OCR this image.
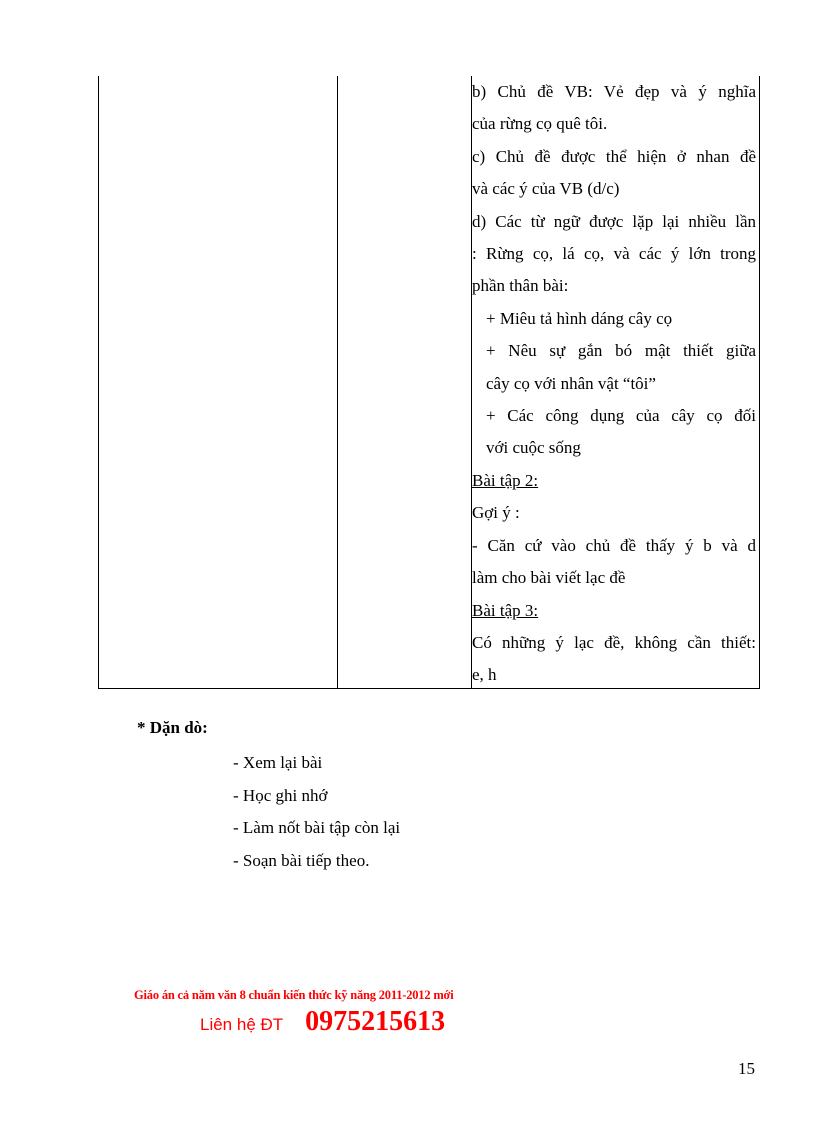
b) Chủ đề VB: Vẻ đẹp và ý nghĩa
của rừng cọ quê tôi.
c) Chủ đề được thể hiện ở nhan đề
và các ý của VB (d/c)
d) Các từ ngữ được lặp lại nhiều lần
: Rừng cọ, lá cọ, và các ý lớn trong
phần thân bài:
+ Miêu tả hình dáng cây cọ
+ Nêu sự gắn bó mật thiết giữa
cây cọ với nhân vật “tôi”
+ Các công dụng của cây cọ đối
với cuộc sống
Bài tập 2:
Gợi ý :
- Căn cứ vào chủ đề thấy ý b và d
làm cho bài viết lạc đề
Bài tập 3:
Có những ý lạc đề, không cần thiết:
e, h
* Dặn dò:
- Xem lại bài
- Học ghi nhớ
- Làm nốt bài tập còn lại
- Soạn bài tiếp theo.
Giáo án cả năm văn 8 chuẩn kiến thức kỹ năng 2011-2012 mới
Liên hệ ĐT 0975215613
15
